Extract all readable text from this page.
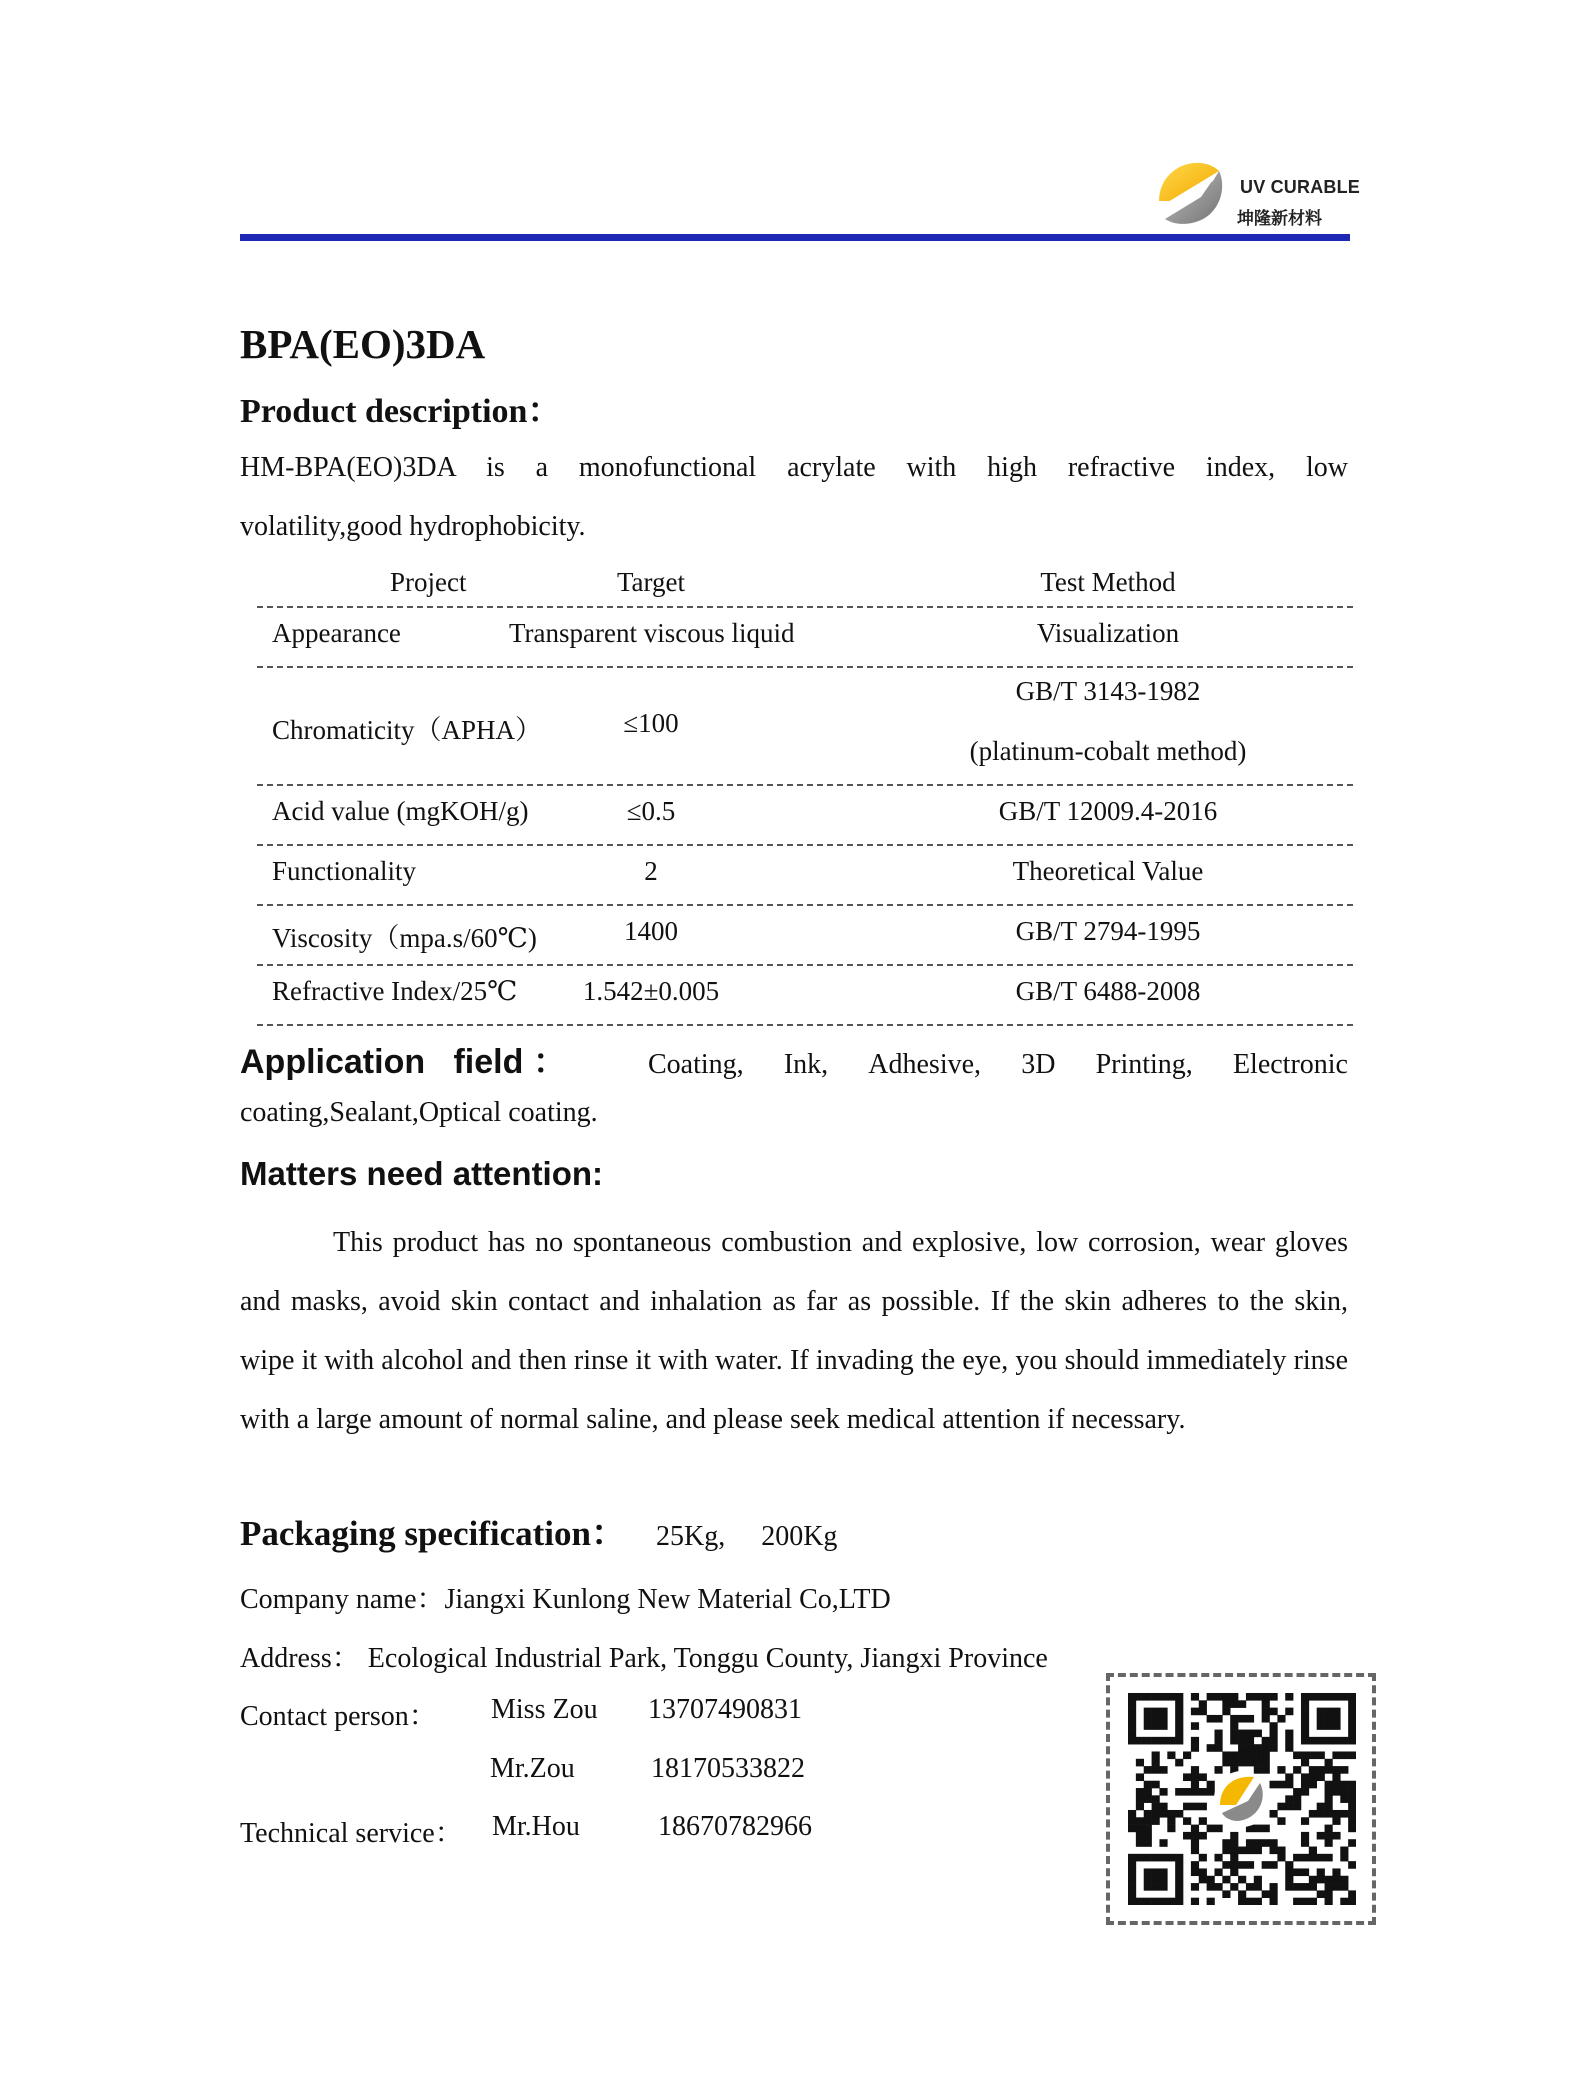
UV CURABLE
坤隆新材料
BPA(EO)3DA
Product description：
HM-BPA(EO)3DA is a monofunctional acrylate with high refractive index, low
volatility,good hydrophobicity.
Project	Target	Test Method
Appearance	Transparent viscous liquid	Visualization
Chromaticity（APHA）	≤100
GB/T 3143-1982
(platinum-cobalt method)
Acid value (mgKOH/g)	≤0.5	GB/T 12009.4-2016
Functionality	2	Theoretical Value
Viscosity（mpa.s/60℃)	1400	GB/T 2794-1995
Refractive Index/25℃	1.542±0.005	GB/T 6488-2008
Application field ：	Coating, Ink, Adhesive, 3D Printing, Electronic
coating,Sealant,Optical coating.
Matters need attention:
This product has no spontaneous combustion and explosive, low corrosion, wear gloves and masks, avoid skin contact and inhalation as far as possible. If the skin adheres to the skin, wipe it with alcohol and then rinse it with water. If invading the eye, you should immediately rinse with a large amount of normal saline, and please seek medical attention if necessary.
Packaging specification： 25Kg, 200Kg
Company name：Jiangxi Kunlong New Material Co,LTD
Address： Ecological Industrial Park, Tonggu County, Jiangxi Province
Contact person： Miss Zou 13707490831
Mr.Zou	18170533822
Technical service： Mr.Hou	18670782966
